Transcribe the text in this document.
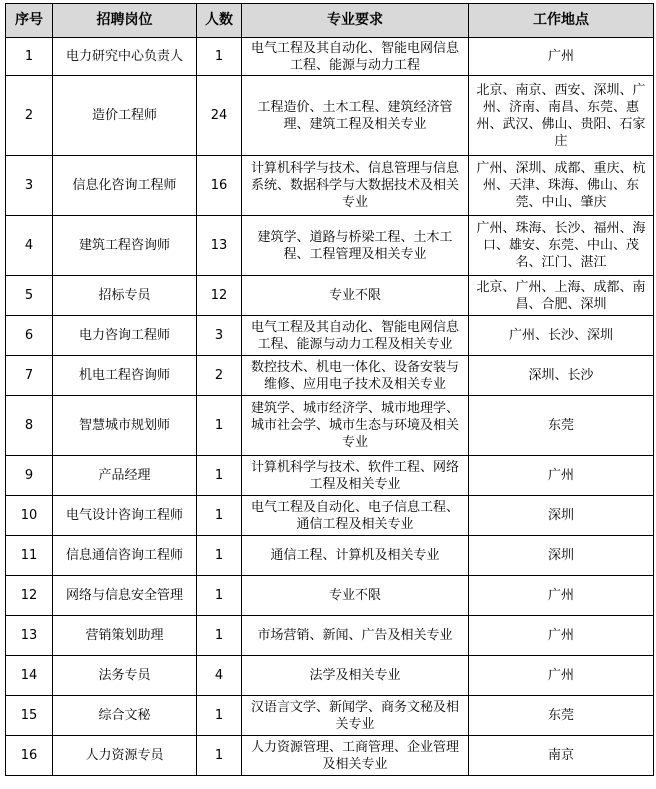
序号	招聘岗位	人数	专业要求	工作地点
1	电力研究中心负责人	1	电气工程及其自动化、智能电网信息工程、能源与动力工程	广州
2	造价工程师	24	工程造价、土木工程、建筑经济管理、建筑工程及相关专业	北京、南京、西安、深圳、广州、济南、南昌、东莞、惠州、武汉、佛山、贵阳、石家庄
3	信息化咨询工程师	16	计算机科学与技术、信息管理与信息系统、数据科学与大数据技术及相关专业	广州、深圳、成都、重庆、杭州、天津、珠海、佛山、东莞、中山、肇庆
4	建筑工程咨询师	13	建筑学、道路与桥梁工程、土木工程、工程管理及相关专业	广州、珠海、长沙、福州、海口、雄安、东莞、中山、茂名、江门、湛江
5	招标专员	12	专业不限	北京、广州、上海、成都、南昌、合肥、深圳
6	电力咨询工程师	3	电气工程及其自动化、智能电网信息工程、能源与动力工程及相关专业	广州、长沙、深圳
7	机电工程咨询师	2	数控技术、机电一体化、设备安装与维修、应用电子技术及相关专业	深圳、长沙
8	智慧城市规划师	1	建筑学、城市经济学、城市地理学、城市社会学、城市生态与环境及相关专业	东莞
9	产品经理	1	计算机科学与技术、软件工程、网络工程及相关专业	广州
10	电气设计咨询工程师	1	电气工程及自动化、电子信息工程、通信工程及相关专业	深圳
11	信息通信咨询工程师	1	通信工程、计算机及相关专业	深圳
12	网络与信息安全管理	1	专业不限	广州
13	营销策划助理	1	市场营销、新闻、广告及相关专业	广州
14	法务专员	4	法学及相关专业	广州
15	综合文秘	1	汉语言文学、新闻学、商务文秘及相关专业	东莞
16	人力资源专员	1	人力资源管理、工商管理、企业管理及相关专业	南京
